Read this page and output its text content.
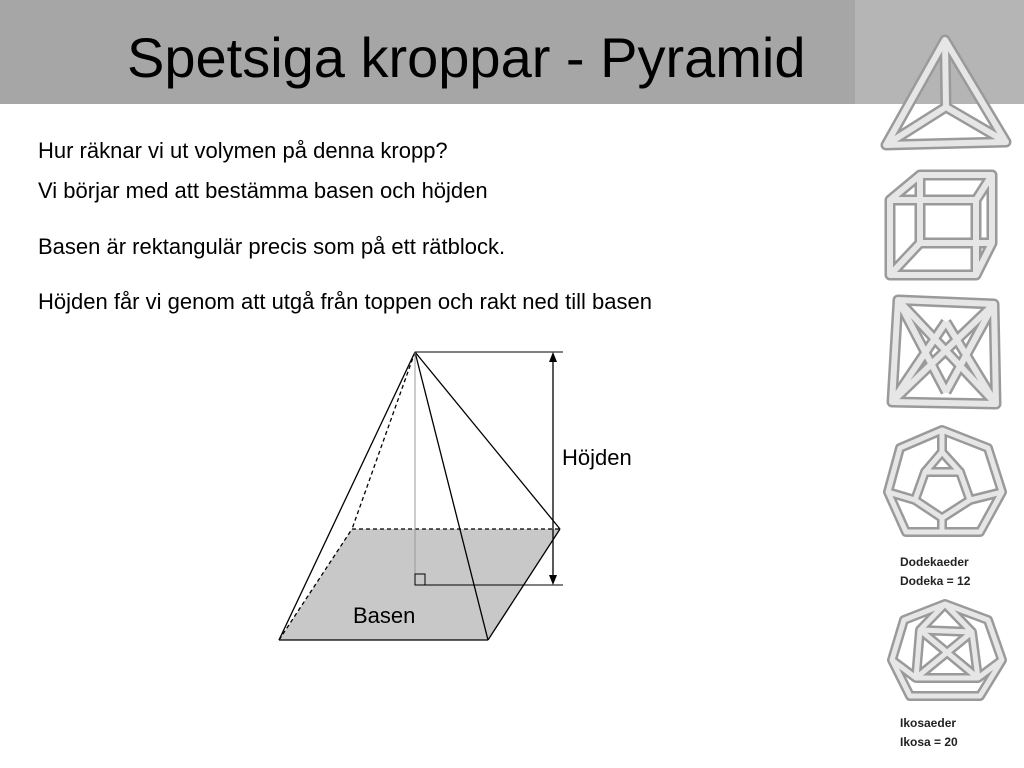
Spetsiga kroppar - Pyramid
Hur räknar vi ut volymen på denna kropp?
Vi börjar med att bestämma basen och höjden
Basen är rektangulär precis som på ett rätblock.
Höjden får vi genom att utgå från toppen och rakt ned till basen
Höjden
Basen
Dodekaeder
Dodeka = 12
Ikosaeder
Ikosa = 20
